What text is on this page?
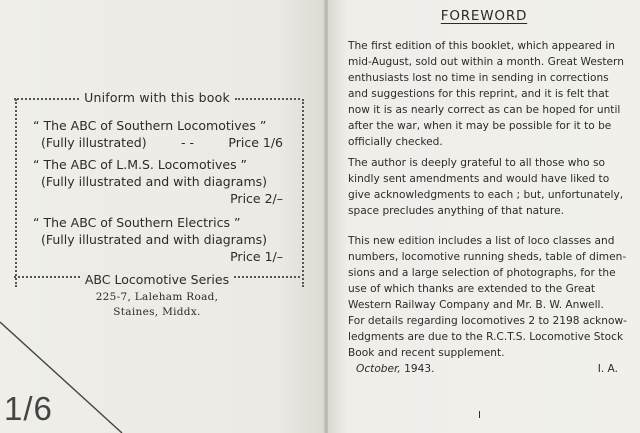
Uniform with this book
“ The ABC of Southern Locomotives ”
(Fully illustrated)	- -	Price 1/6
“ The ABC of L.M.S. Locomotives ”
(Fully illustrated and with diagrams)
Price 2/–
“ The ABC of Southern Electrics ”
(Fully illustrated and with diagrams)
Price 1/–
ABC Locomotive Series
225-7, Laleham Road,
Staines, Middx.
1/6
FOREWORD

The first edition of this booklet, which appeared in
mid-August, sold out within a month. Great Western
enthusiasts lost no time in sending in corrections
and suggestions for this reprint, and it is felt that
now it is as nearly correct as can be hoped for until
after the war, when it may be possible for it to be
officially checked.

The author is deeply grateful to all those who so
kindly sent amendments and would have liked to
give acknowledgments to each ; but, unfortunately,
space precludes anything of that nature.

This new edition includes a list of loco classes and
numbers, locomotive running sheds, table of dimen-
sions and a large selection of photographs, for the
use of which thanks are extended to the Great
Western Railway Company and Mr. B. W. Anwell.
For details regarding locomotives 2 to 2198 acknow-
ledgments are due to the R.C.T.S. Locomotive Stock
Book and recent supplement.

October, 1943.	I. A.
I
